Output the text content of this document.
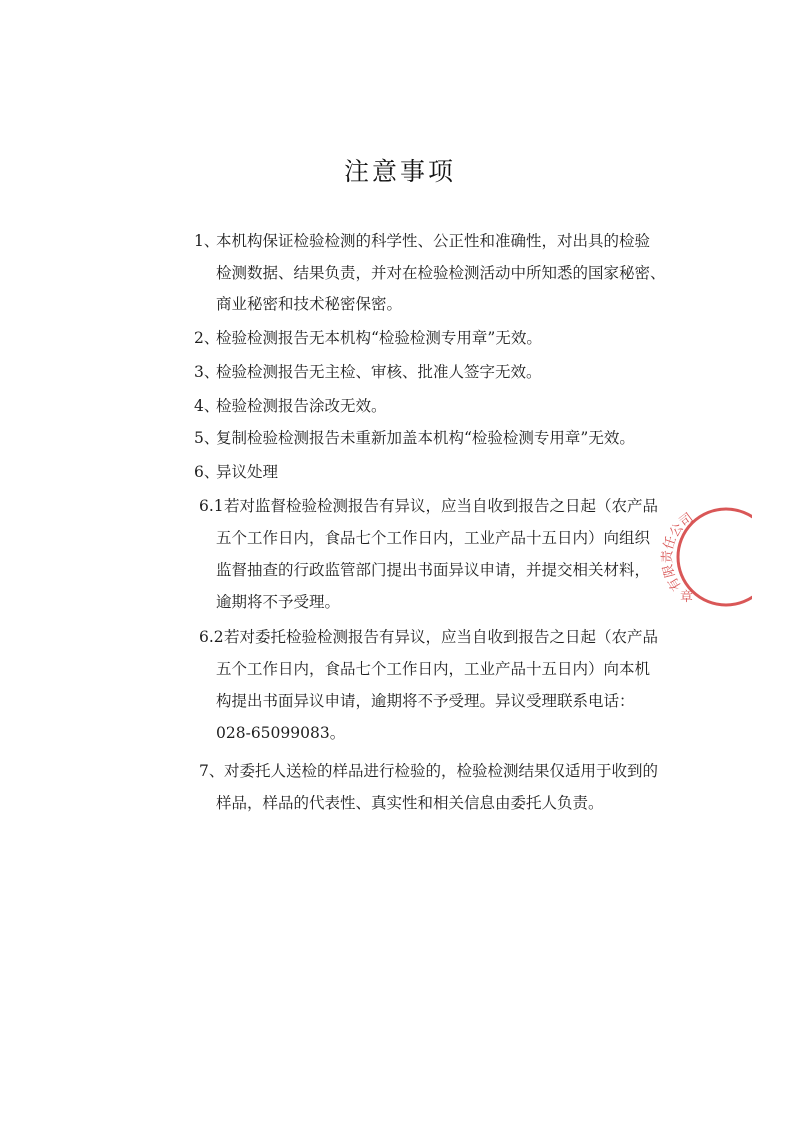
注意事项
1、
本机构保证检验检测的科学性、公正性和准确性，对出具的检验
检测数据、结果负责，并对在检验检测活动中所知悉的国家秘密、
商业秘密和技术秘密保密。
2、
检验检测报告无本机构“检验检测专用章”无效。
3、
检验检测报告无主检、审核、批准人签字无效。
4、
检验检测报告涂改无效。
5、
复制检验检测报告未重新加盖本机构“检验检测专用章”无效。
6、
异议处理
6.1 若对监督检验检测报告有异议，应当自收到报告之日起（农产品
五个工作日内，食品七个工作日内，工业产品十五日内）向组织
监督抽查的行政监管部门提出书面异议申请，并提交相关材料，
逾期将不予受理。
6.2 若对委托检验检测报告有异议，应当自收到报告之日起（农产品
五个工作日内，食品七个工作日内，工业产品十五日内）向本机
构提出书面异议申请，逾期将不予受理。异议受理联系电话：
028-65099083。
7、 对委托人送检的样品进行检验的，检验检测结果仅适用于收到的
样品，样品的代表性、真实性和相关信息由委托人负责。
有限责任公司
章
